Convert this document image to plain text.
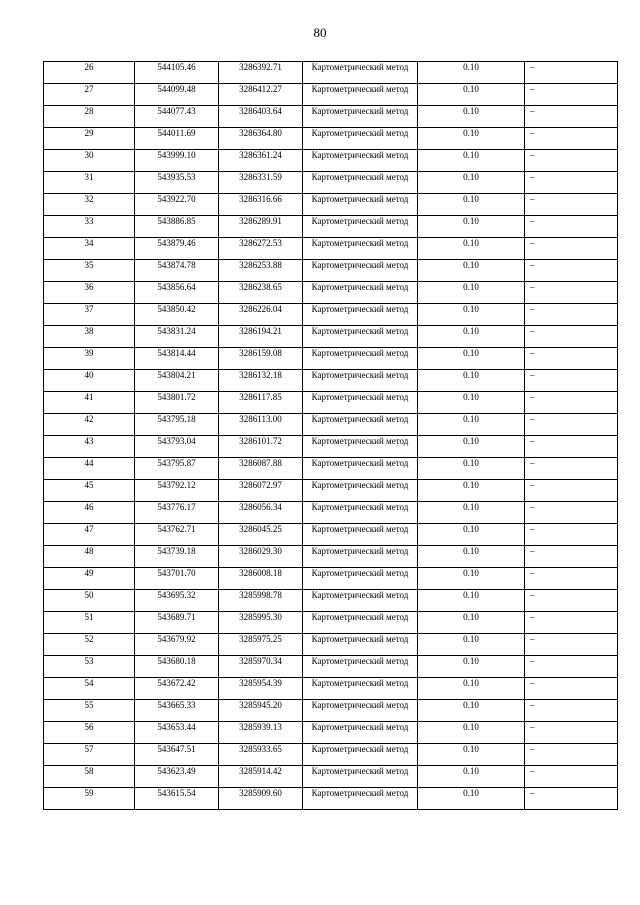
80
26	544105.46	3286392.71	Картометрический метод	0.10	–
27	544099.48	3286412.27	Картометрический метод	0.10	–
28	544077.43	3286403.64	Картометрический метод	0.10	–
29	544011.69	3286364.80	Картометрический метод	0.10	–
30	543999.10	3286361.24	Картометрический метод	0.10	–
31	543935.53	3286331.59	Картометрический метод	0.10	–
32	543922.70	3286316.66	Картометрический метод	0.10	–
33	543886.85	3286289.91	Картометрический метод	0.10	–
34	543879.46	3286272.53	Картометрический метод	0.10	–
35	543874.78	3286253.88	Картометрический метод	0.10	–
36	543856.64	3286238.65	Картометрический метод	0.10	–
37	543850.42	3286226.04	Картометрический метод	0.10	–
38	543831.24	3286194.21	Картометрический метод	0.10	–
39	543814.44	3286159.08	Картометрический метод	0.10	–
40	543804.21	3286132.18	Картометрический метод	0.10	–
41	543801.72	3286117.85	Картометрический метод	0.10	–
42	543795.18	3286113.00	Картометрический метод	0.10	–
43	543793.04	3286101.72	Картометрический метод	0.10	–
44	543795.87	3286087.88	Картометрический метод	0.10	–
45	543792.12	3286072.97	Картометрический метод	0.10	–
46	543776.17	3286056.34	Картометрический метод	0.10	–
47	543762.71	3286045.25	Картометрический метод	0.10	–
48	543739.18	3286029.30	Картометрический метод	0.10	–
49	543701.70	3286008.18	Картометрический метод	0.10	–
50	543695.32	3285998.78	Картометрический метод	0.10	–
51	543689.71	3285995.30	Картометрический метод	0.10	–
52	543679.92	3285975.25	Картометрический метод	0.10	–
53	543680.18	3285970.34	Картометрический метод	0.10	–
54	543672.42	3285954.39	Картометрический метод	0.10	–
55	543665.33	3285945.20	Картометрический метод	0.10	–
56	543653.44	3285939.13	Картометрический метод	0.10	–
57	543647.51	3285933.65	Картометрический метод	0.10	–
58	543623.49	3285914.42	Картометрический метод	0.10	–
59	543615.54	3285909.60	Картометрический метод	0.10	–
